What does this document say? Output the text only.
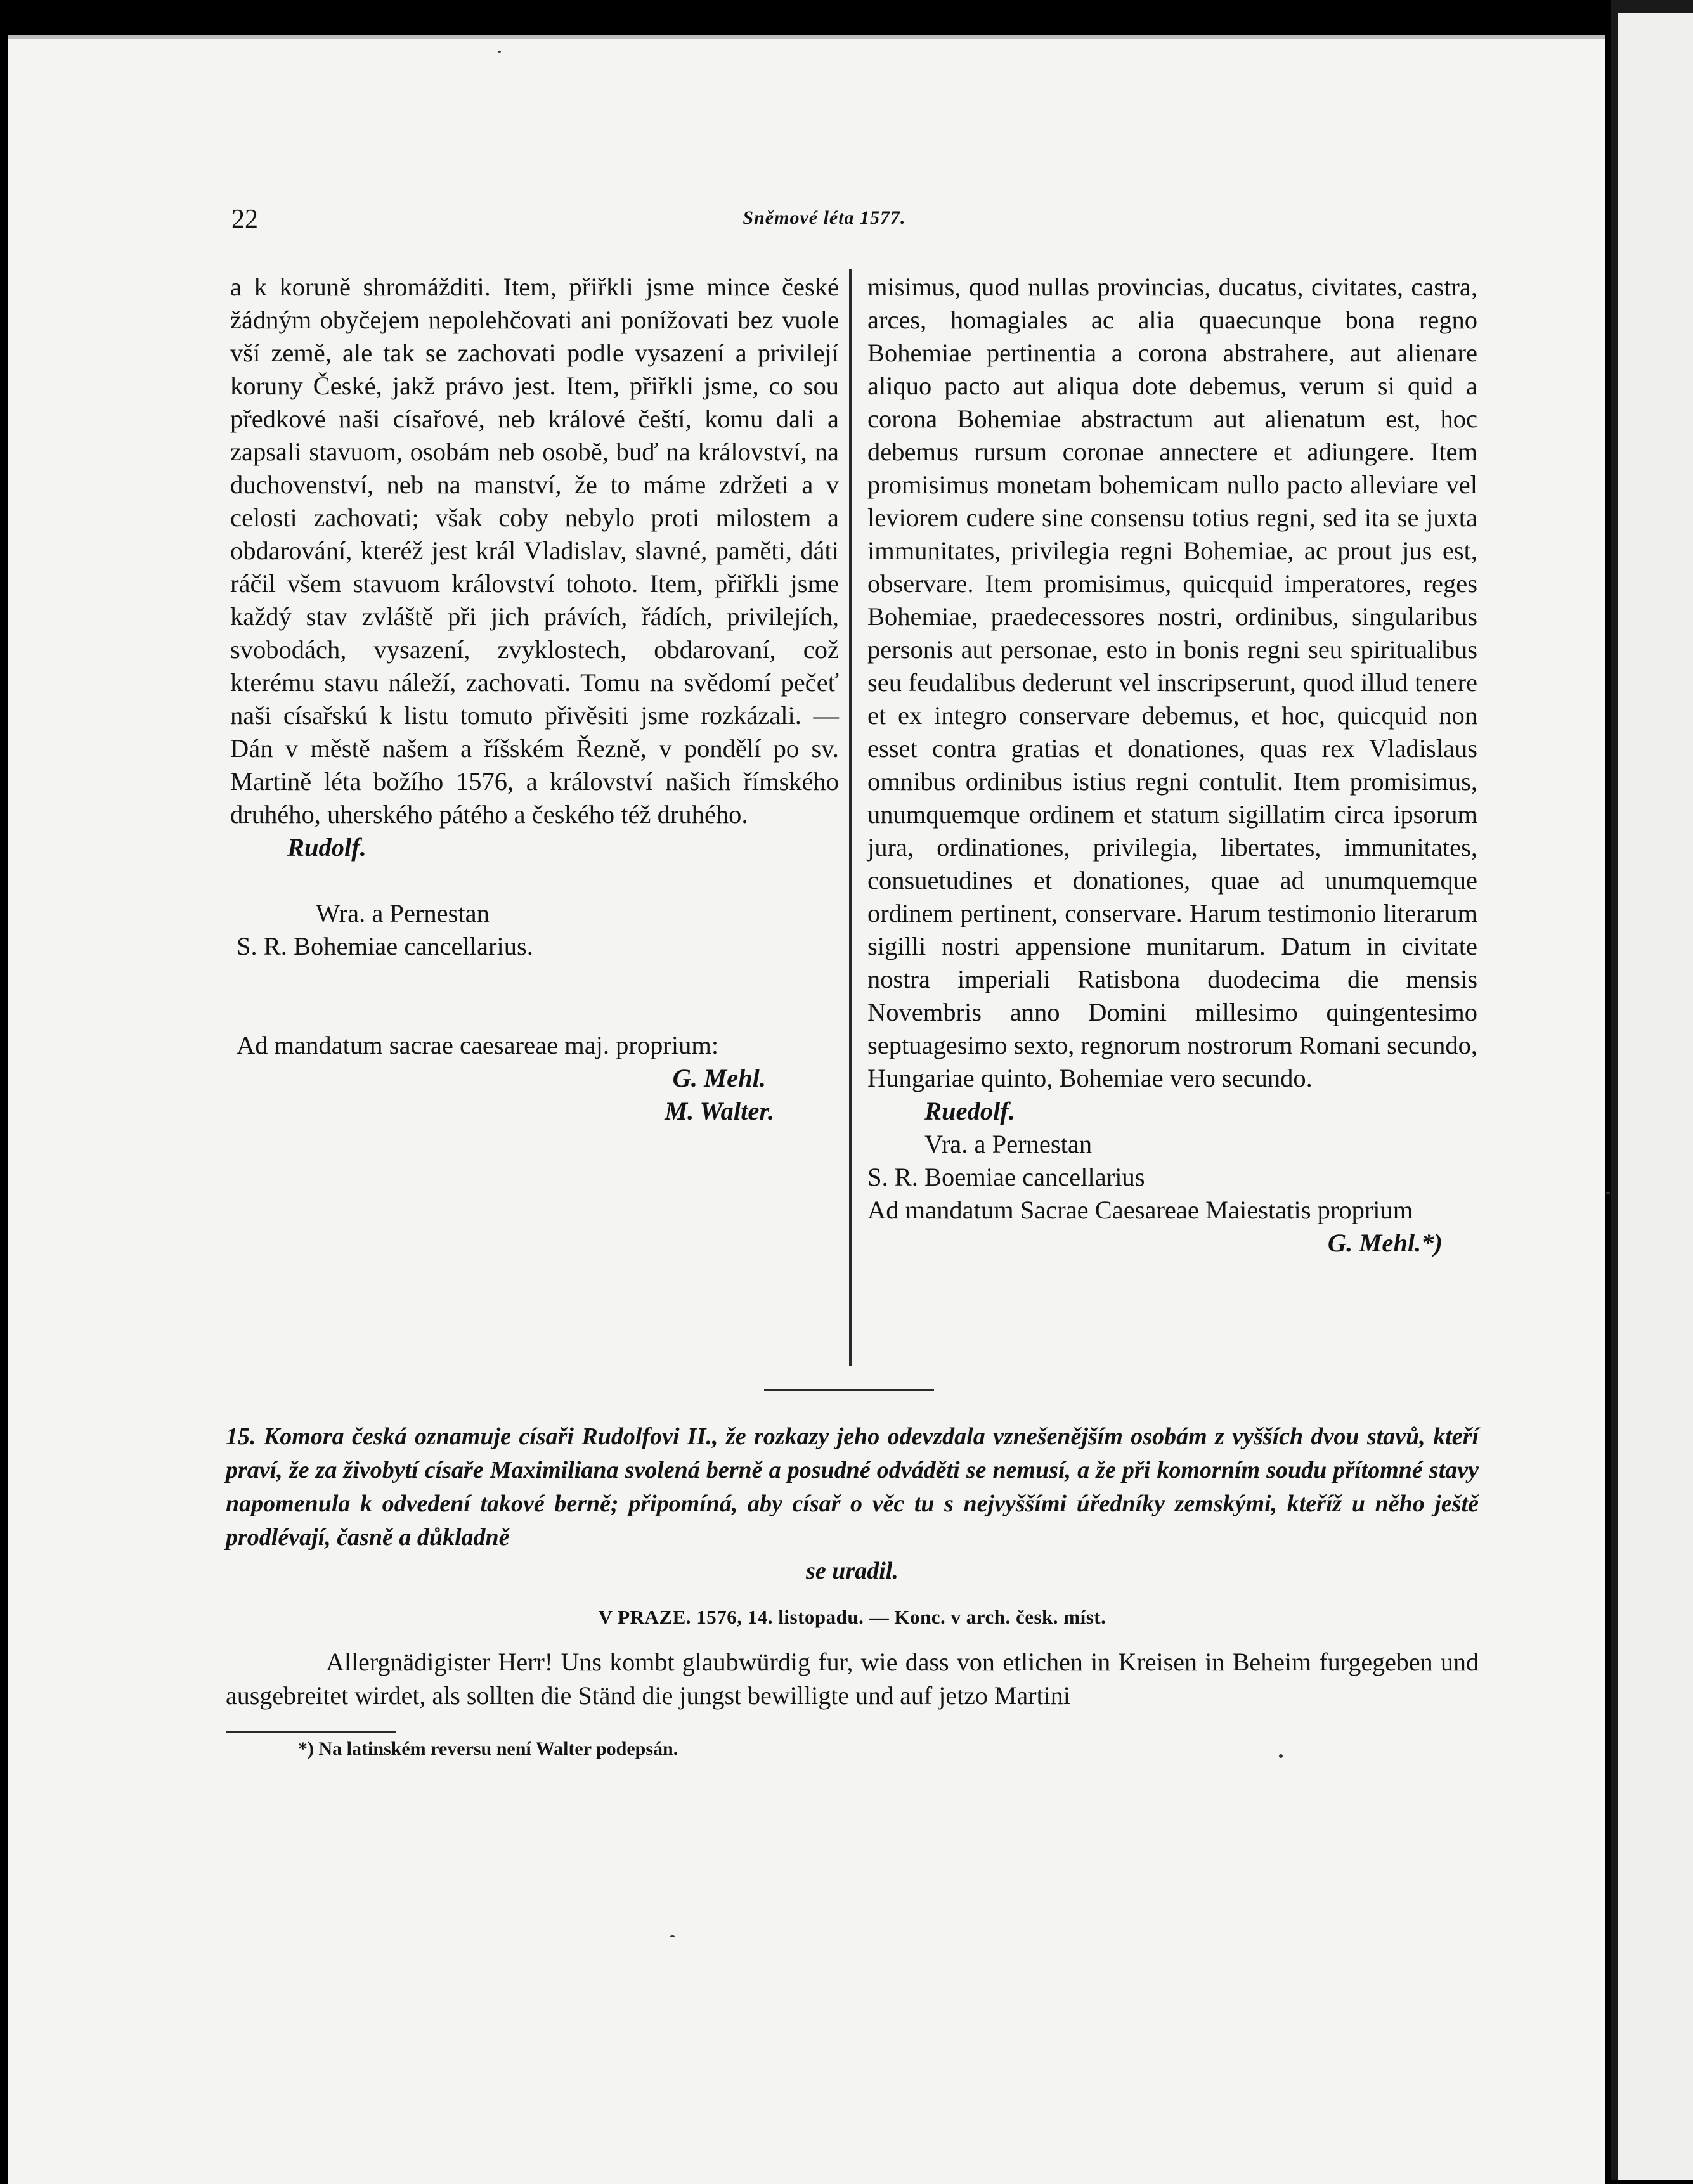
22	Sněmové léta 1577.

a k koruně shromážditi. Item, přiřkli jsme mince české žádným obyčejem nepolehčovati ani ponížovati bez vuole vší země, ale tak se zachovati podle vysazení a privilejí koruny České, jakž právo jest. Item, přiřkli jsme, co sou předkové naši císařové, neb králové čeští, komu dali a zapsali stavuom, osobám neb osobě, buď na království, na duchovenství, neb na manství, že to máme zdržeti a v celosti zachovati; však coby nebylo proti milostem a obdarování, kteréž jest král Vladislav, slavné, paměti, dáti ráčil všem stavuom království tohoto. Item, přiřkli jsme každý stav zvláště při jich právích, řádích, privilejích, svobodách, vysazení, zvyklostech, obdarovaní, což kterému stavu náleží, zachovati. Tomu na svědomí pečeť naši císařskú k listu tomuto přivěsiti jsme rozkázali. — Dán v městě našem a říšském Řezně, v pondělí po sv. Martině léta božího 1576, a království našich římského druhého, uherského pátého a českého též druhého.

Rudolf.

Wra. a Pernestan

S. R. Bohemiae cancellarius.

Ad mandatum sacrae caesareae maj. proprium:

G. Mehl.

M. Walter.

misimus, quod nullas provincias, ducatus, civitates, castra, arces, homagiales ac alia quaecunque bona regno Bohemiae pertinentia a corona abstrahere, aut alienare aliquo pacto aut aliqua dote debemus, verum si quid a corona Bohemiae abstractum aut alienatum est, hoc debemus rursum coronae annectere et adiungere. Item promisimus monetam bohemicam nullo pacto alleviare vel leviorem cudere sine consensu totius regni, sed ita se juxta immunitates, privilegia regni Bohemiae, ac prout jus est, observare. Item promisimus, quicquid imperatores, reges Bohemiae, praedecessores nostri, ordinibus, singularibus personis aut personae, esto in bonis regni seu spiritualibus seu feudalibus dederunt vel inscripserunt, quod illud tenere et ex integro conservare debemus, et hoc, quicquid non esset contra gratias et donationes, quas rex Vladislaus omnibus ordinibus istius regni contulit. Item promisimus, unumquemque ordinem et statum sigillatim circa ipsorum jura, ordinationes, privilegia, libertates, immunitates, consuetudines et donationes, quae ad unumquemque ordinem pertinent, conservare. Harum testimonio literarum sigilli nostri appensione munitarum. Datum in civitate nostra imperiali Ratisbona duodecima die mensis Novembris anno Domini millesimo quingentesimo septuagesimo sexto, regnorum nostrorum Romani secundo, Hungariae quinto, Bohemiae vero secundo.

Ruedolf.

Vra. a Pernestan

S. R. Boemiae cancellarius

Ad mandatum Sacrae Caesareae Maiestatis proprium

G. Mehl.*)

15. Komora česká oznamuje císaři Rudolfovi II., že rozkazy jeho odevzdala vznešenějším osobám z vyšších dvou stavů, kteří praví, že za živobytí císaře Maximiliana svolená berně a posudné odváděti se nemusí, a že při komorním soudu přítomné stavy napomenula k odvedení takové berně; připomíná, aby císař o věc tu s nejvyššími úředníky zemskými, kteříž u něho ještě prodlévají, časně a důkladně
se uradil.

V PRAZE. 1576, 14. listopadu. — Konc. v arch. česk. míst.

Allergnädigister Herr! Uns kombt glaubwürdig fur, wie dass von etlichen in Kreisen in Beheim furgegeben und ausgebreitet wirdet, als sollten die Ständ die jungst bewilligte und auf jetzo Martini

*) Na latinském reversu není Walter podepsán.
